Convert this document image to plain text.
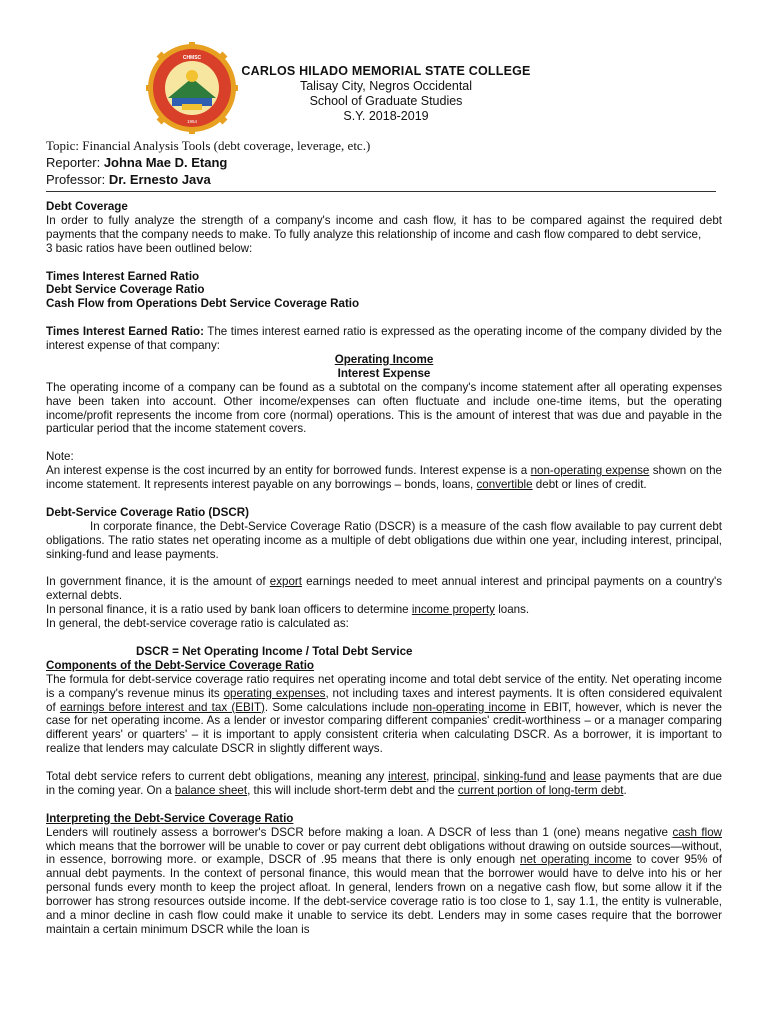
CHMSC
1954
CARLOS HILADO MEMORIAL STATE COLLEGE
Talisay City, Negros Occidental
School of Graduate Studies
S.Y. 2018-2019
Topic: Financial Analysis Tools (debt coverage, leverage, etc.)
Reporter: Johna Mae D. Etang
Professor: Dr. Ernesto Java

Debt Coverage

In order to fully analyze the strength of a company's income and cash flow, it has to be compared against the required debt payments that the company needs to make. To fully analyze this relationship of income and cash flow compared to debt service,

3 basic ratios have been outlined below:

Times Interest Earned Ratio

Debt Service Coverage Ratio

Cash Flow from Operations Debt Service Coverage Ratio

Times Interest Earned Ratio: The times interest earned ratio is expressed as the operating income of the company divided by the interest expense of that company:

Operating Income

Interest Expense

The operating income of a company can be found as a subtotal on the company's income statement after all operating expenses have been taken into account. Other income/expenses can often fluctuate and include one-time items, but the operating income/profit represents the income from core (normal) operations. This is the amount of interest that was due and payable in the particular period that the income statement covers.

Note:

An interest expense is the cost incurred by an entity for borrowed funds. Interest expense is a non-operating expense shown on the income statement. It represents interest payable on any borrowings – bonds, loans, convertible debt or lines of credit.

Debt-Service Coverage Ratio (DSCR)

In corporate finance, the Debt-Service Coverage Ratio (DSCR) is a measure of the cash flow available to pay current debt obligations. The ratio states net operating income as a multiple of debt obligations due within one year, including interest, principal, sinking-fund and lease payments.

In government finance, it is the amount of export earnings needed to meet annual interest and principal payments on a country's external debts.

In personal finance, it is a ratio used by bank loan officers to determine income property loans.

In general, the debt-service coverage ratio is calculated as:

DSCR = Net Operating Income / Total Debt Service

Components of the Debt-Service Coverage Ratio

The formula for debt-service coverage ratio requires net operating income and total debt service of the entity. Net operating income is a company's revenue minus its operating expenses, not including taxes and interest payments. It is often considered equivalent of earnings before interest and tax (EBIT). Some calculations include non-operating income in EBIT, however, which is never the case for net operating income. As a lender or investor comparing different companies' credit-worthiness – or a manager comparing different years' or quarters' – it is important to apply consistent criteria when calculating DSCR. As a borrower, it is important to realize that lenders may calculate DSCR in slightly different ways.

Total debt service refers to current debt obligations, meaning any interest, principal, sinking-fund and lease payments that are due in the coming year. On a balance sheet, this will include short-term debt and the current portion of long-term debt.

Interpreting the Debt-Service Coverage Ratio

Lenders will routinely assess a borrower's DSCR before making a loan. A DSCR of less than 1 (one) means negative cash flow which means that the borrower will be unable to cover or pay current debt obligations without drawing on outside sources—without, in essence, borrowing more. or example, DSCR of .95 means that there is only enough net operating income to cover 95% of annual debt payments. In the context of personal finance, this would mean that the borrower would have to delve into his or her personal funds every month to keep the project afloat. In general, lenders frown on a negative cash flow, but some allow it if the borrower has strong resources outside income. If the debt-service coverage ratio is too close to 1, say 1.1, the entity is vulnerable, and a minor decline in cash flow could make it unable to service its debt. Lenders may in some cases require that the borrower maintain a certain minimum DSCR while the loan is
